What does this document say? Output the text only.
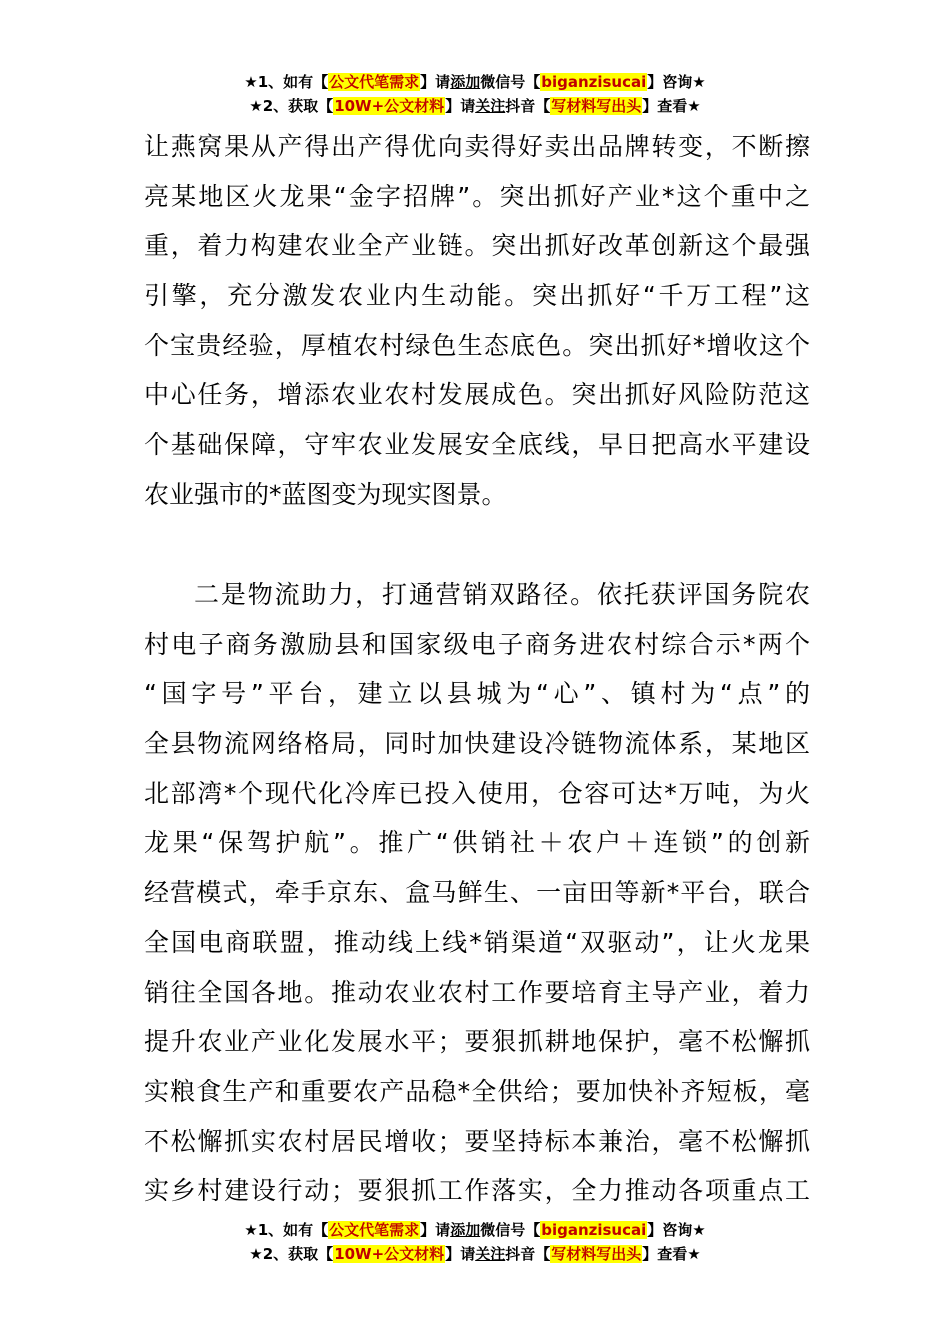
★1、如有【公文代笔需求】请添加微信号【biganzisucai】咨询★
★2、获取【10W+公文材料】请关注抖音【写材料写出头】查看★
让燕窝果从产得出产得优向卖得好卖出品牌转变，不断擦
亮某地区火龙果“金字招牌”。突出抓好产业*这个重中之
重，着力构建农业全产业链。突出抓好改革创新这个最强
引擎，充分激发农业内生动能。突出抓好“千万工程”这
个宝贵经验，厚植农村绿色生态底色。突出抓好*增收这个
中心任务，增添农业农村发展成色。突出抓好风险防范这
个基础保障，守牢农业发展安全底线，早日把高水平建设
农业强市的*蓝图变为现实图景。
二是物流助力，打通营销双路径。依托获评国务院农
村电子商务激励县和国家级电子商务进农村综合示*两个
“国字号”平台，建立以县城为“心”、镇村为“点”的
全县物流网络格局，同时加快建设冷链物流体系，某地区
北部湾*个现代化冷库已投入使用，仓容可达*万吨，为火
龙果“保驾护航”。推广“供销社＋农户＋连锁”的创新
经营模式，牵手京东、盒马鲜生、一亩田等新*平台，联合
全国电商联盟，推动线上线*销渠道“双驱动”，让火龙果
销往全国各地。推动农业农村工作要培育主导产业，着力
提升农业产业化发展水平；要狠抓耕地保护，毫不松懈抓
实粮食生产和重要农产品稳*全供给；要加快补齐短板，毫
不松懈抓实农村居民增收；要坚持标本兼治，毫不松懈抓
实乡村建设行动；要狠抓工作落实，全力推动各项重点工
★1、如有【公文代笔需求】请添加微信号【biganzisucai】咨询★
★2、获取【10W+公文材料】请关注抖音【写材料写出头】查看★
